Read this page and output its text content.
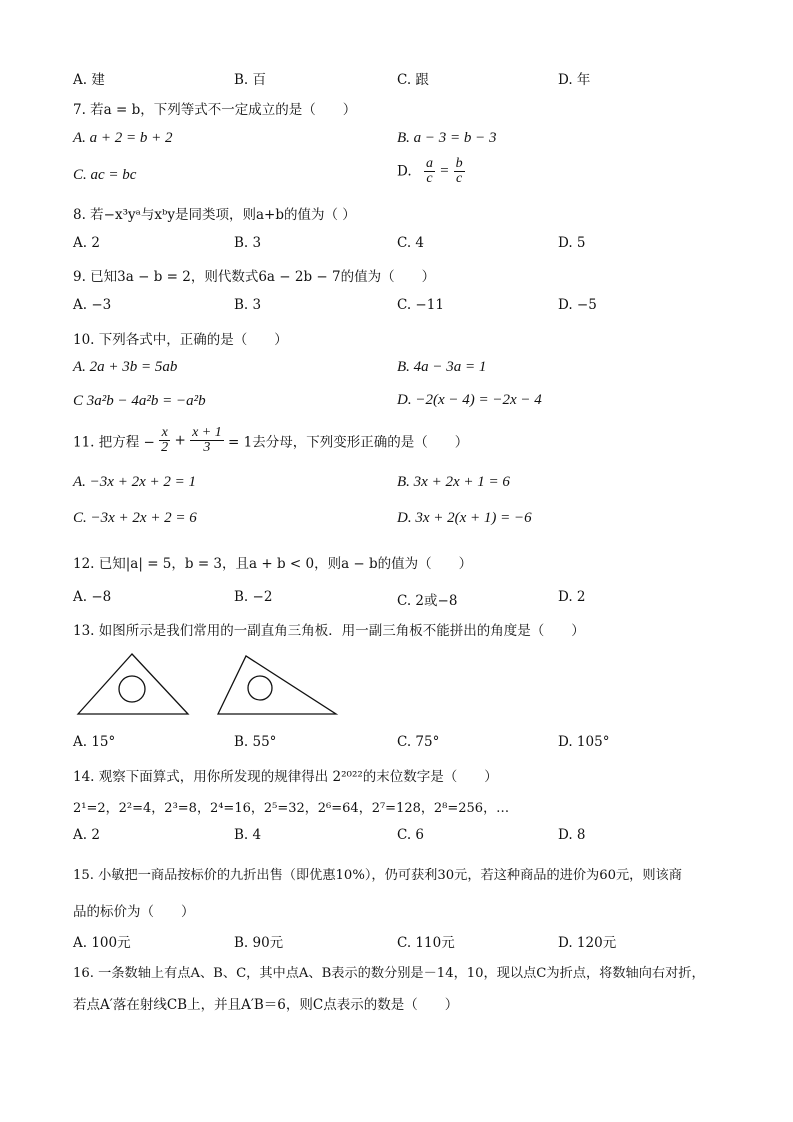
A. 建	B. 百	C. 跟	D. 年
7. 若a = b，下列等式不一定成立的是（　　）
A. a + 2 = b + 2	B. a − 3 = b − 3
C. ac = bc	D. $\frac{a}{c} = \frac{b}{c}$
8. 若−x³yᵃ与xᵇy是同类项，则a+b的值为（ ）
A. 2	B. 3	C. 4	D. 5
9. 已知3a − b = 2，则代数式6a − 2b − 7的值为（　　）
A. −3	B. 3	C. −11	D. −5
10. 下列各式中，正确的是（　　）
A. 2a + 3b = 5ab	B. 4a − 3a = 1
C 3a²b − 4a²b = −a²b	D. −2(x − 4) = −2x − 4
11. 把方程 − $\frac{x}{2} + \frac{x + 1}{3} = 1$去分母，下列变形正确的是（　　）
A. −3x + 2x + 2 = 1	B. 3x + 2x + 1 = 6
C. −3x + 2x + 2 = 6	D. 3x + 2(x + 1) = −6
12. 已知|a| = 5，b = 3，且a + b < 0，则a − b的值为（　　）
A. −8	B. −2	C. 2或−8	D. 2
13. 如图所示是我们常用的一副直角三角板．用一副三角板不能拼出的角度是（　　）
A. 15°	B. 55°	C. 75°	D. 105°
14. 观察下面算式，用你所发现的规律得出 2²⁰²²的末位数字是（　　）
2¹=2，2²=4，2³=8，2⁴=16，2⁵=32，2⁶=64，2⁷=128，2⁸=256，…
A. 2	B. 4	C. 6	D. 8
15. 小敏把一商品按标价的九折出售（即优惠10%），仍可获利30元，若这种商品的进价为60元，则该商
品的标价为（　　）
A. 100元	B. 90元	C. 110元	D. 120元
16. 一条数轴上有点A、B、C，其中点A、B表示的数分别是－14，10，现以点C为折点，将数轴向右对折，
若点A′落在射线CB上，并且A′B＝6，则C点表示的数是（　　）
